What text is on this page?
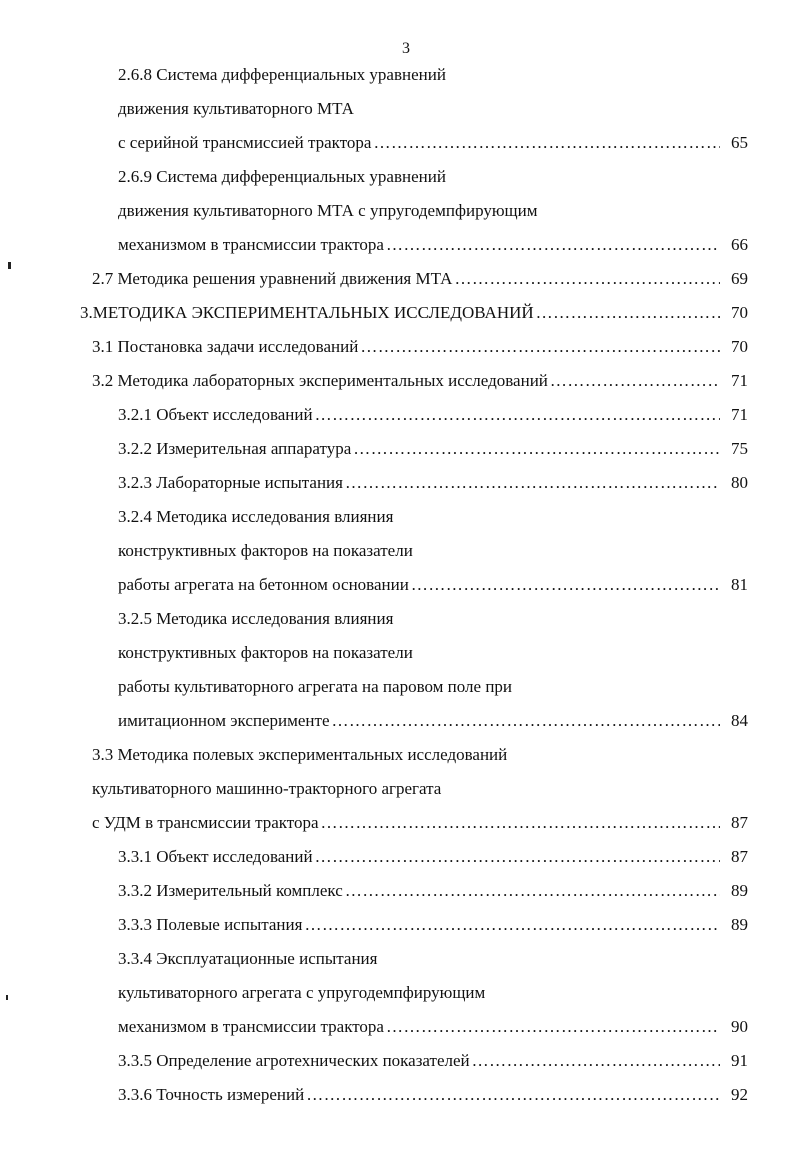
3
2.6.8 Система дифференциальных уравнений
движения культиваторного МТА
с серийной трансмиссией трактора ………………………………………………………………………………………………………………………………………………………………………………	65
2.6.9 Система дифференциальных уравнений
движения культиваторного МТА с упругодемпфирующим
механизмом в трансмиссии трактора ………………………………………………………………………………………………………………………………………………………………………………	66
2.7 Методика решения уравнений движения МТА ………………………………………………………………………………………………………………………………………………………………………………	69
3.МЕТОДИКА ЭКСПЕРИМЕНТАЛЬНЫХ ИССЛЕДОВАНИЙ ………………………………………………………………………………………………………………………………………………………………………………	70
3.1 Постановка задачи исследований ………………………………………………………………………………………………………………………………………………………………………………	70
3.2 Методика лабораторных экспериментальных исследований ………………………………………………………………………………………………………………………………………………………………………………	71
3.2.1 Объект исследований ………………………………………………………………………………………………………………………………………………………………………………	71
3.2.2 Измерительная аппаратура ………………………………………………………………………………………………………………………………………………………………………………	75
3.2.3 Лабораторные испытания ………………………………………………………………………………………………………………………………………………………………………………	80
3.2.4 Методика исследования влияния
конструктивных факторов на показатели
работы агрегата на бетонном основании ………………………………………………………………………………………………………………………………………………………………………………	81
3.2.5 Методика исследования влияния
конструктивных факторов на показатели
работы культиваторного агрегата на паровом поле при
имитационном эксперименте ………………………………………………………………………………………………………………………………………………………………………………	84
3.3 Методика полевых экспериментальных исследований
культиваторного машинно-тракторного агрегата
с УДМ в трансмиссии трактора ………………………………………………………………………………………………………………………………………………………………………………	87
3.3.1 Объект исследований ………………………………………………………………………………………………………………………………………………………………………………	87
3.3.2 Измерительный комплекс ………………………………………………………………………………………………………………………………………………………………………………	89
3.3.3 Полевые испытания ………………………………………………………………………………………………………………………………………………………………………………	89
3.3.4 Эксплуатационные испытания
культиваторного агрегата с упругодемпфирующим
механизмом в трансмиссии трактора ………………………………………………………………………………………………………………………………………………………………………………	90
3.3.5 Определение агротехнических показателей ………………………………………………………………………………………………………………………………………………………………………………	91
3.3.6 Точность измерений ………………………………………………………………………………………………………………………………………………………………………………	92
